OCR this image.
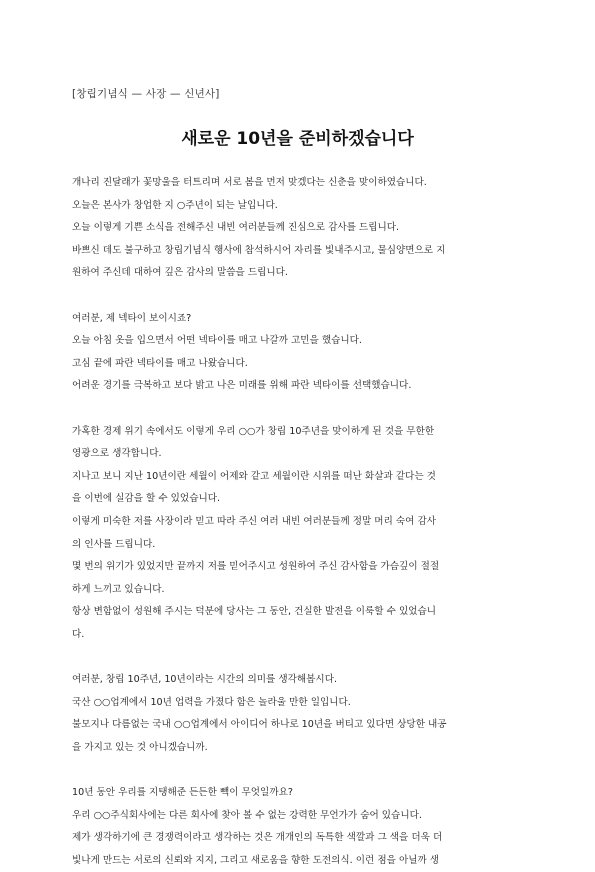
[창립기념식 — 사장 — 신년사]
새로운 10년을 준비하겠습니다
개나리 진달래가 꽃망울을 터트리며 서로 봄을 먼저 맞겠다는 신춘을 맞이하였습니다.
오늘은 본사가 창업한 지 ○주년이 되는 날입니다.
오늘 이렇게 기쁜 소식을 전해주신 내빈 여러분들께 진심으로 감사를 드립니다.
바쁘신 데도 불구하고 창립기념식 행사에 참석하시어 자리를 빛내주시고, 물심양면으로 지
원하여 주신데 대하여 깊은 감사의 말씀을 드립니다.
여러분, 제 넥타이 보이시죠?
오늘 아침 옷을 입으면서 어떤 넥타이를 매고 나갈까 고민을 했습니다.
고심 끝에 파란 넥타이를 매고 나왔습니다.
어려운 경기를 극복하고 보다 밝고 나은 미래를 위해 파란 넥타이를 선택했습니다.
가혹한 경제 위기 속에서도 이렇게 우리 ○○가 창립 10주년을 맞이하게 된 것을 무한한
영광으로 생각합니다.
지나고 보니 지난 10년이란 세월이 어제와 같고 세월이란 시위를 떠난 화살과 같다는 것
을 이번에 실감을 할 수 있었습니다.
이렇게 미숙한 저를 사장이라 믿고 따라 주신 여러 내빈 여러분들께 정말 머리 숙여 감사
의 인사를 드립니다.
몇 번의 위기가 있었지만 끝까지 저를 믿어주시고 성원하여 주신 감사함을 가슴깊이 절절
하게 느끼고 있습니다.
항상 변함없이 성원해 주시는 덕분에 당사는 그 동안, 건실한 발전을 이룩할 수 있었습니
다.
여러분, 창립 10주년, 10년이라는 시간의 의미를 생각해봅시다.
국산 ○○업계에서 10년 업력을 가졌다 함은 놀라울 만한 일입니다.
불모지나 다름없는 국내 ○○업계에서 아이디어 하나로 10년을 버티고 있다면 상당한 내공
을 가지고 있는 것 아니겠습니까.
10년 동안 우리를 지탱해준 든든한 빽이 무엇일까요?
우리 ○○주식회사에는 다른 회사에 찾아 볼 수 없는 강력한 무언가가 숨어 있습니다.
제가 생각하기에 큰 경쟁력이라고 생각하는 것은 개개인의 독특한 색깔과 그 색을 더욱 더
빛나게 만드는 서로의 신뢰와 지지, 그리고 새로움을 향한 도전의식. 이런 점을 아닐까 생
